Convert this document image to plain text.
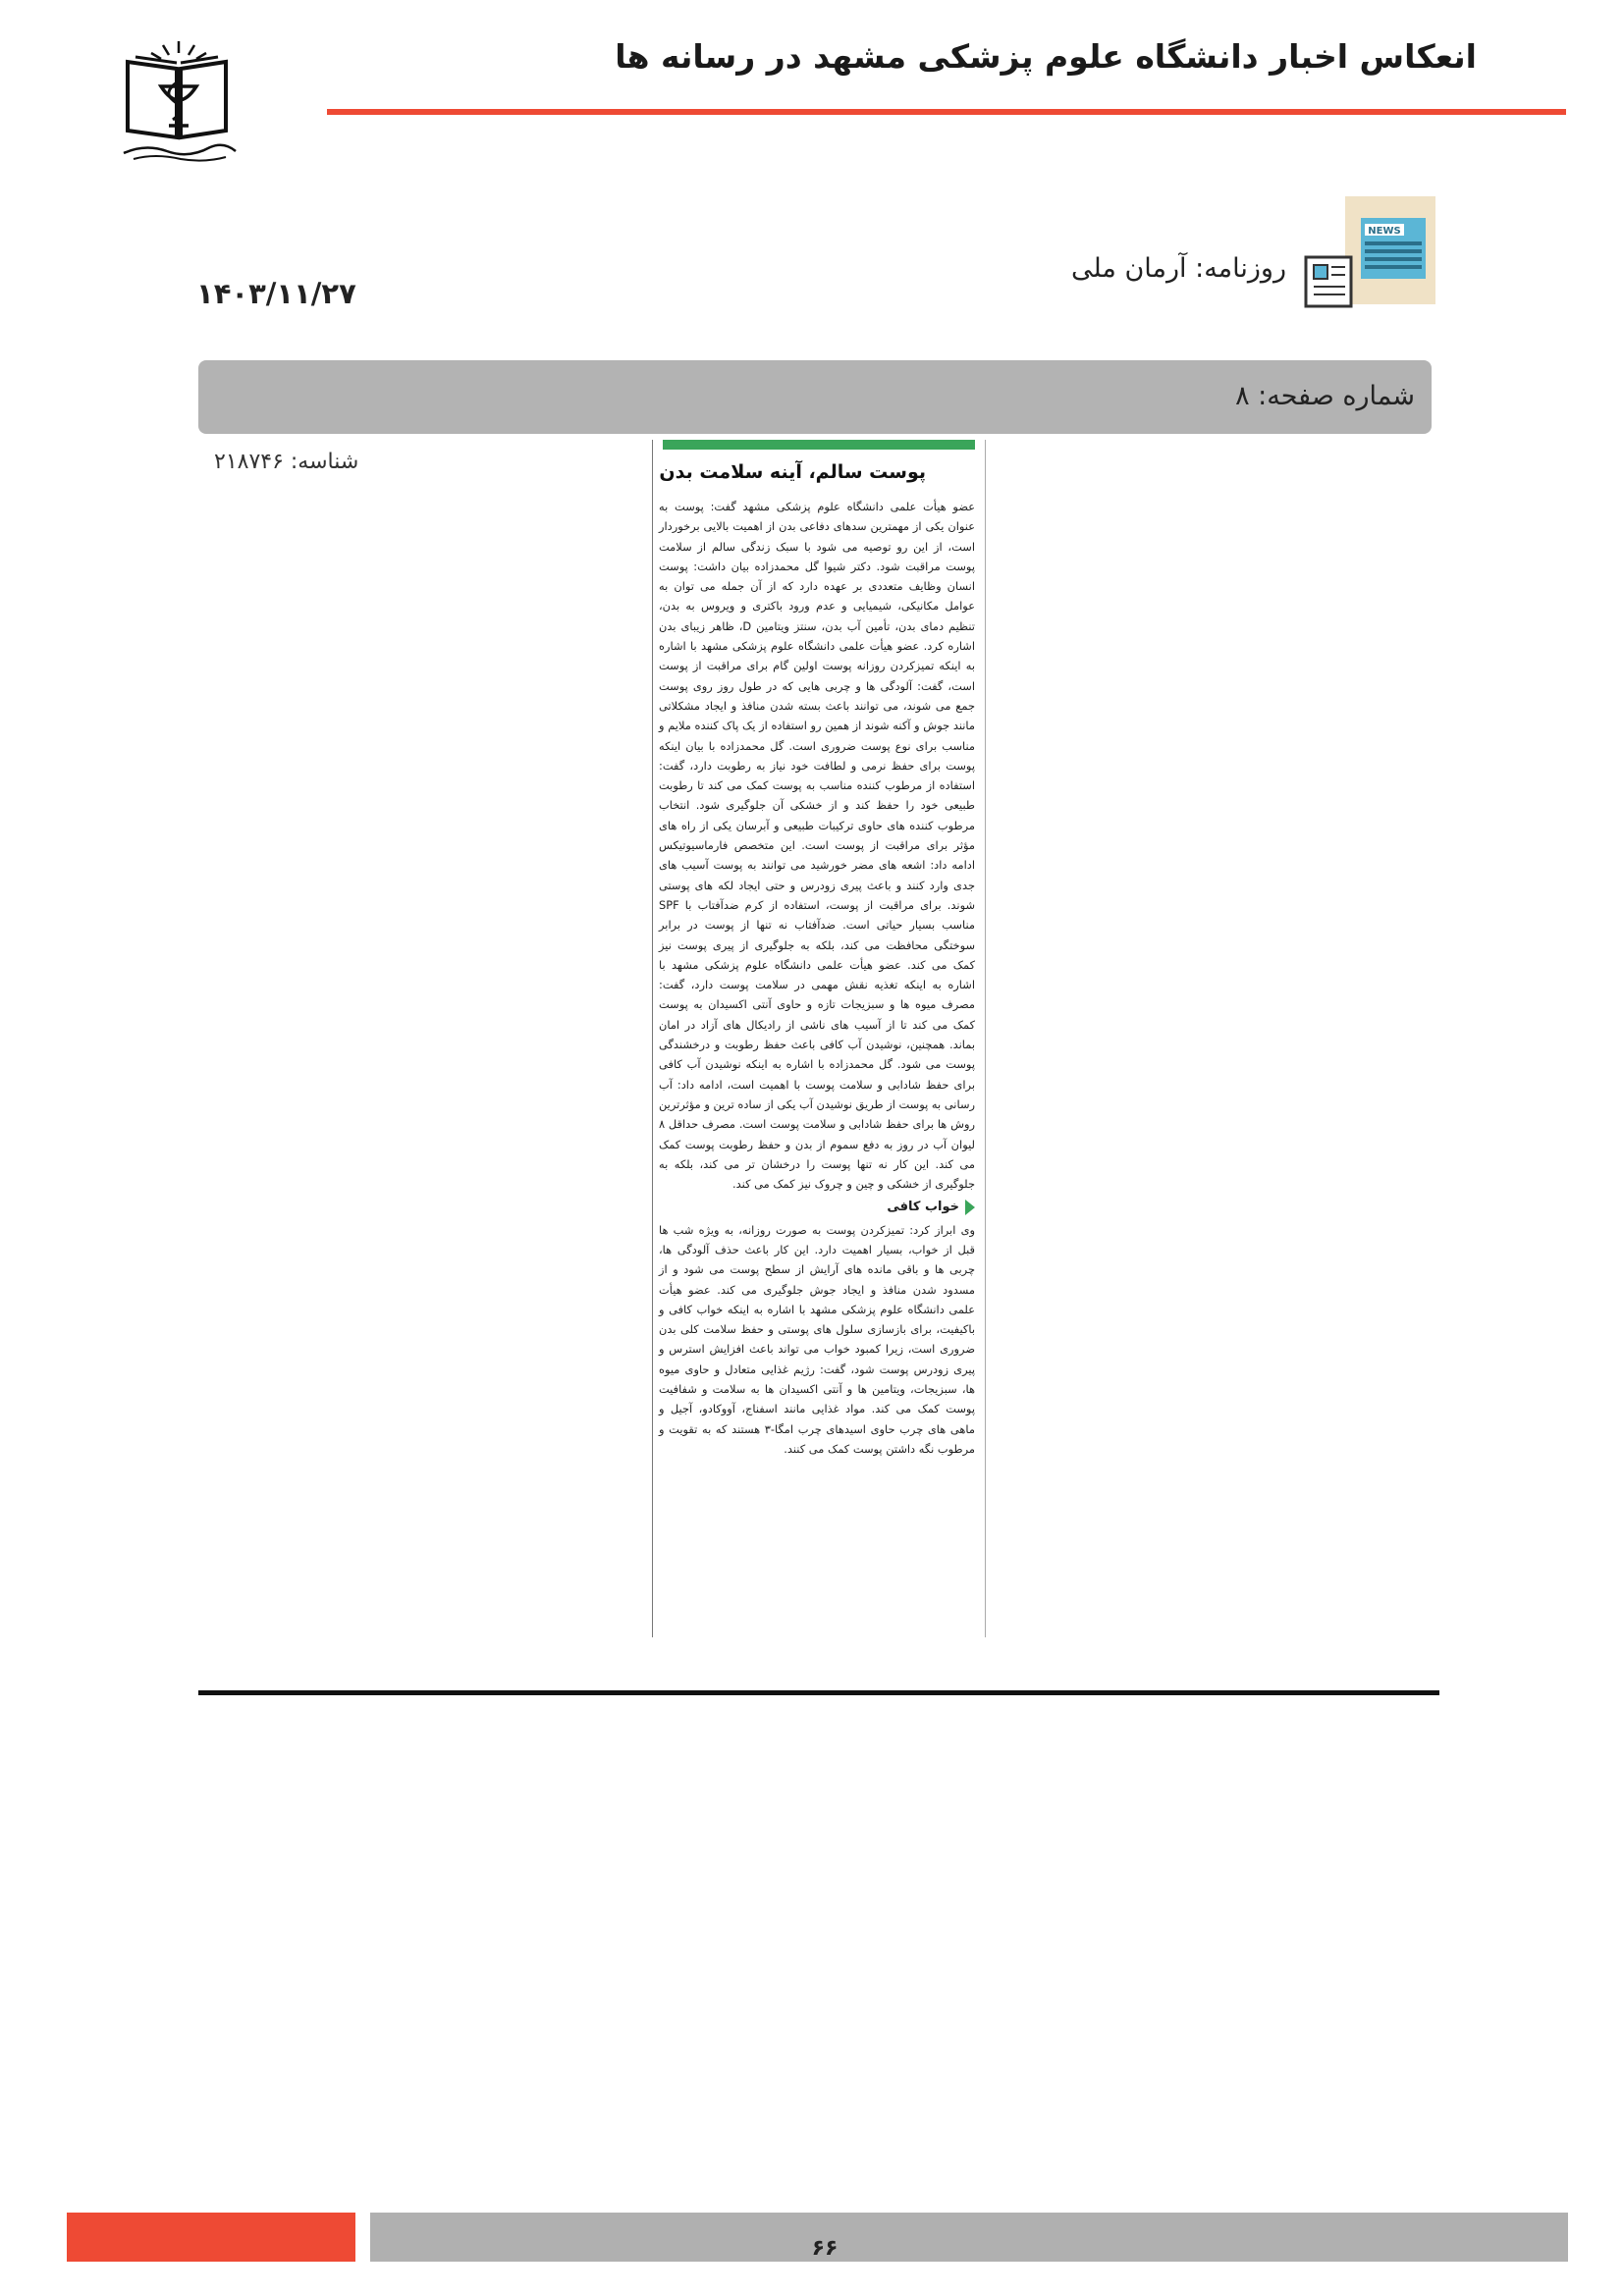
انعکاس اخبار دانشگاه علوم پزشکی مشهد در رسانه ها
NEWS
روزنامه: آرمان ملی
۱۴۰۳/۱۱/۲۷
شماره صفحه: ۸
شناسه: ۲۱۸۷۴۶	پوست سالم، آینه سلامت بدن
عضو هیأت علمی دانشگاه علوم پزشکی مشهد گفت: پوست به عنوان یکی از مهمترین سدهای دفاعی بدن از اهمیت بالایی برخوردار است، از این رو توصیه می شود با سبک زندگی سالم از سلامت پوست مراقبت شود. دکتر شیوا گل محمدزاده بیان داشت: پوست انسان وظایف متعددی بر عهده دارد که از آن جمله می توان به عوامل مکانیکی، شیمیایی و عدم ورود باکتری و ویروس به بدن، تنظیم دمای بدن، تأمین آب بدن، سنتز ویتامین D، ظاهر زیبای بدن اشاره کرد. عضو هیأت علمی دانشگاه علوم پزشکی مشهد با اشاره به اینکه تمیزکردن روزانه پوست اولین گام برای مراقبت از پوست است، گفت: آلودگی ها و چربی هایی که در طول روز روی پوست جمع می شوند، می توانند باعث بسته شدن منافذ و ایجاد مشکلاتی مانند جوش و آکنه شوند از همین رو استفاده از یک پاک کننده ملایم و مناسب برای نوع پوست ضروری است. گل محمدزاده با بیان اینکه پوست برای حفظ نرمی و لطافت خود نیاز به رطوبت دارد، گفت: استفاده از مرطوب کننده مناسب به پوست کمک می کند تا رطوبت طبیعی خود را حفظ کند و از خشکی آن جلوگیری شود. انتخاب مرطوب کننده های حاوی ترکیبات طبیعی و آبرسان یکی از راه های مؤثر برای مراقبت از پوست است. این متخصص فارماسیوتیکس ادامه داد: اشعه های مضر خورشید می توانند به پوست آسیب های جدی وارد کنند و باعث پیری زودرس و حتی ایجاد لکه های پوستی شوند. برای مراقبت از پوست، استفاده از کرم ضدآفتاب با SPF مناسب بسیار حیاتی است. ضدآفتاب نه تنها از پوست در برابر سوختگی محافظت می کند، بلکه به جلوگیری از پیری پوست نیز کمک می کند. عضو هیأت علمی دانشگاه علوم پزشکی مشهد با اشاره به اینکه تغذیه نقش مهمی در سلامت پوست دارد، گفت: مصرف میوه ها و سبزیجات تازه و حاوی آنتی اکسیدان به پوست کمک می کند تا از آسیب های ناشی از رادیکال های آزاد در امان بماند. همچنین، نوشیدن آب کافی باعث حفظ رطوبت و درخشندگی پوست می شود. گل محمدزاده با اشاره به اینکه نوشیدن آب کافی برای حفظ شادابی و سلامت پوست با اهمیت است، ادامه داد: آب رسانی به پوست از طریق نوشیدن آب یکی از ساده ترین و مؤثرترین روش ها برای حفظ شادابی و سلامت پوست است. مصرف حداقل ۸ لیوان آب در روز به دفع سموم از بدن و حفظ رطوبت پوست کمک می کند. این کار نه تنها پوست را درخشان تر می کند، بلکه به جلوگیری از خشکی و چین و چروک نیز کمک می کند.
خواب کافی
وی ابراز کرد: تمیزکردن پوست به صورت روزانه، به ویژه شب ها قبل از خواب، بسیار اهمیت دارد. این کار باعث حذف آلودگی ها، چربی ها و باقی مانده های آرایش از سطح پوست می شود و از مسدود شدن منافذ و ایجاد جوش جلوگیری می کند. عضو هیأت علمی دانشگاه علوم پزشکی مشهد با اشاره به اینکه خواب کافی و باکیفیت، برای بازسازی سلول های پوستی و حفظ سلامت کلی بدن ضروری است، زیرا کمبود خواب می تواند باعث افزایش استرس و پیری زودرس پوست شود، گفت: رژیم غذایی متعادل و حاوی میوه ها، سبزیجات، ویتامین ها و آنتی اکسیدان ها به سلامت و شفافیت پوست کمک می کند. مواد غذایی مانند اسفناج، آووکادو، آجیل و ماهی های چرب حاوی اسیدهای چرب امگا-۳ هستند که به تقویت و مرطوب نگه داشتن پوست کمک می کنند.
۶۶
